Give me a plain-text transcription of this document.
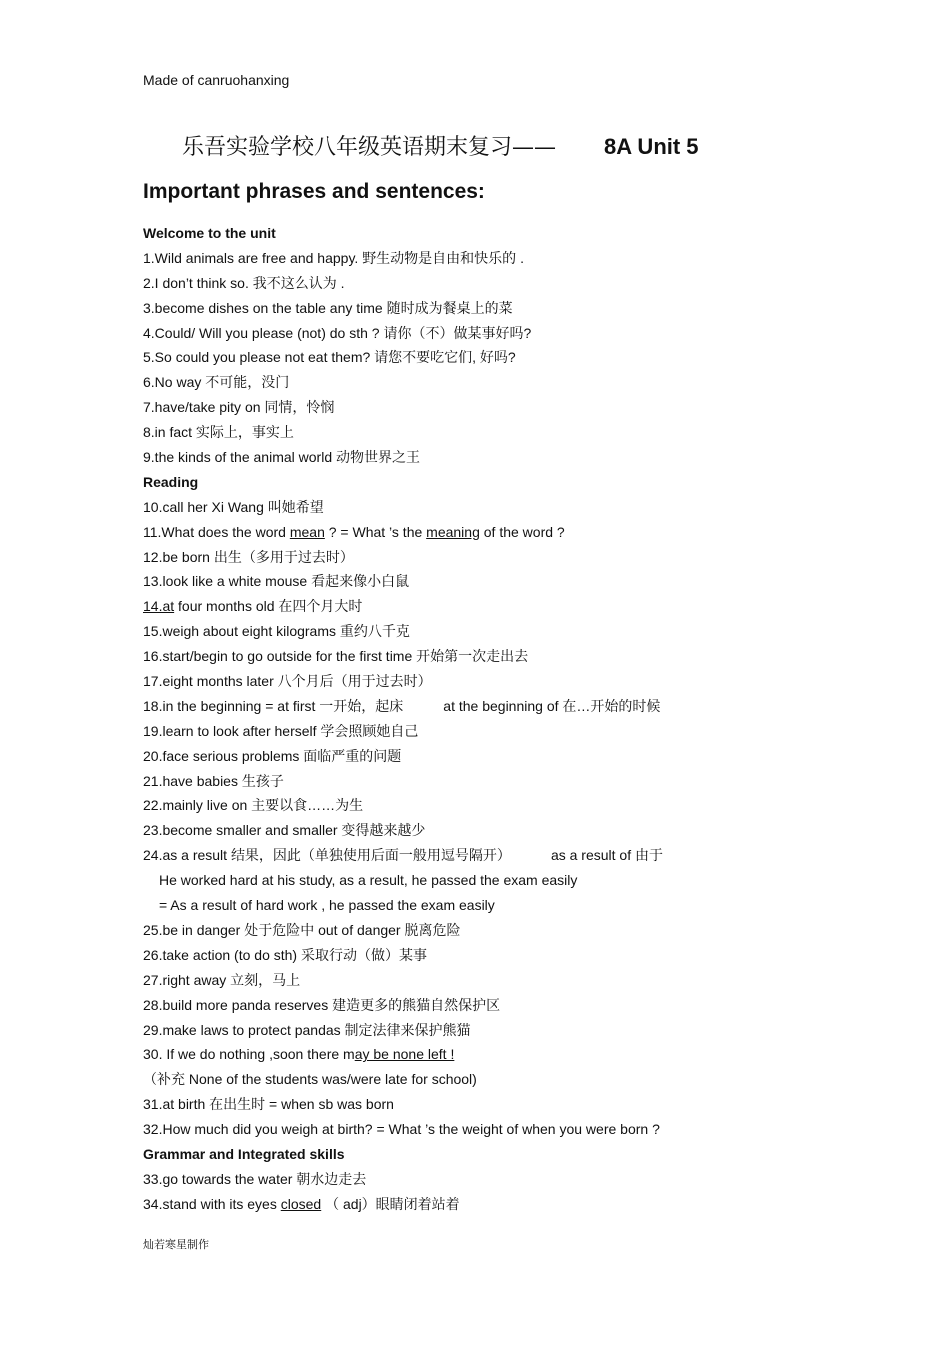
Made of canruohanxing
乐吾实验学校八年级英语期末复习—— 8A Unit 5
Important phrases and sentences:
Welcome to the unit
1.Wild animals are free and happy. 野生动物是自由和快乐的 .
2.I don’t think so. 我不这么认为 .
3.become dishes on the table any time 随时成为餐桌上的菜
4.Could/ Will you please (not) do sth ? 请你（不）做某事好吗?
5.So could you please not eat them? 请您不要吃它们, 好吗?
6.No way 不可能，没门
7.have/take pity on 同情，怜悯
8.in fact 实际上，事实上
9.the kinds of the animal world 动物世界之王
Reading
10.call her Xi Wang 叫她希望
11.What does the word mean ? = What ’s the meaning of the word ?
12.be born 出生（多用于过去时）
13.look like a white mouse 看起来像小白鼠
14.at four months old 在四个月大时
15.weigh about eight kilograms 重约八千克
16.start/begin to go outside for the first time 开始第一次走出去
17.eight months later 八个月后（用于过去时）
18.in the beginning = at first 一开始，起床	at the beginning of 在…开始的时候
19.learn to look after herself 学会照顾她自己
20.face serious problems 面临严重的问题
21.have babies 生孩子
22.mainly live on 主要以食……为生
23.become smaller and smaller 变得越来越少
24.as a result 结果，因此（单独使用后面一般用逗号隔开）	as a result of 由于
He worked hard at his study, as a result, he passed the exam easily
= As a result of hard work , he passed the exam easily
25.be in danger 处于危险中 out of danger 脱离危险
26.take action (to do sth) 采取行动（做）某事
27.right away 立刻，马上
28.build more panda reserves 建造更多的熊猫自然保护区
29.make laws to protect pandas 制定法律来保护熊猫
30. If we do nothing ,soon there may be none left !
（补充 None of the students was/were late for school)
31.at birth 在出生时 = when sb was born
32.How much did you weigh at birth? = What ’s the weight of when you were born ?
Grammar and Integrated skills
33.go towards the water 朝水边走去
34.stand with its eyes closed （ adj）眼睛闭着站着
灿若寒星制作
